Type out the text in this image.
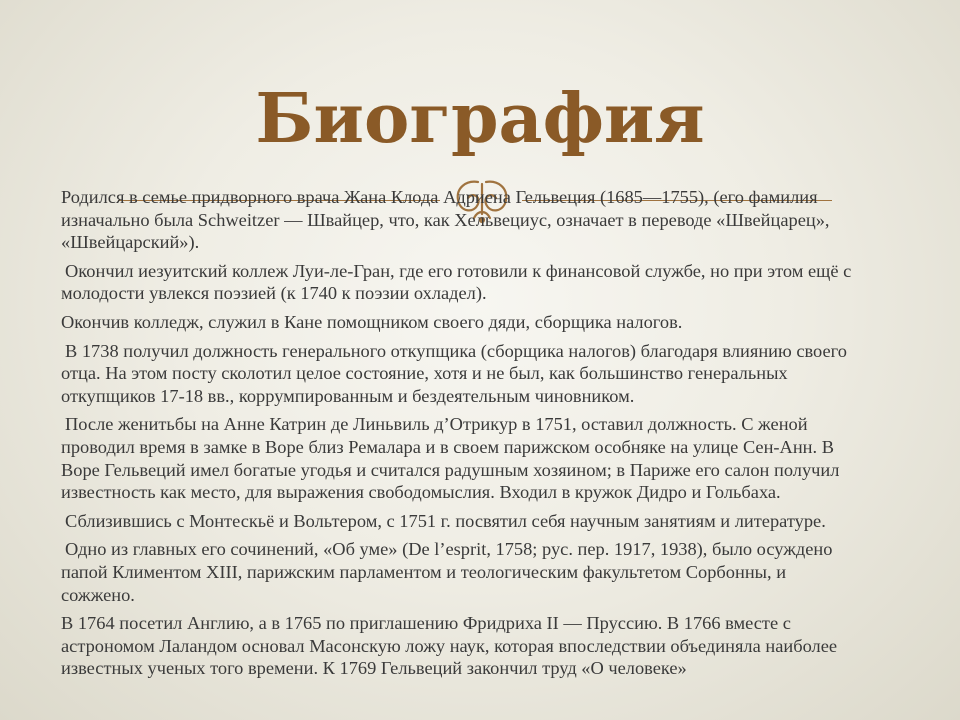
Биография

Родился в семье придворного врача Жана Клода Адриена Гельвеция (1685—1755), (его фамилия изначально была Schweitzer — Швайцер, что, как Хельвециус, означает в переводе «Швейцарец», «Швейцарский»).

Окончил иезуитский коллеж Луи-ле-Гран, где его готовили к финансовой службе, но при этом ещё с молодости увлекся поэзией (к 1740 к поэзии охладел).

Окончив колледж, служил в Кане помощником своего дяди, сборщика налогов.

В 1738 получил должность генерального откупщика (сборщика налогов) благодаря влиянию своего отца. На этом посту сколотил целое состояние, хотя и не был, как большинство генеральных откупщиков 17-18 вв., коррумпированным и бездеятельным чиновником.

После женитьбы на Анне Катрин де Линьвиль д’Отрикур в 1751, оставил должность. С женой проводил время в замке в Воре близ Ремалара и в своем парижском особняке на улице Сен-Анн. В Воре Гельвеций имел богатые угодья и считался радушным хозяином; в Париже его салон получил известность как место, для выражения свободомыслия. Входил в кружок Дидро и Гольбаха.

Сблизившись с Монтескьё и Вольтером, с 1751 г. посвятил себя научным занятиям и литературе.

Одно из главных его сочинений, «Об уме» (De l’esprit, 1758; рус. пер. 1917, 1938), было осуждено папой Климентом XIII, парижским парламентом и теологическим факультетом Сорбонны, и сожжено.

В 1764 посетил Англию, а в 1765 по приглашению Фридриха II — Пруссию. В 1766 вместе с астрономом Лаландом основал Масонскую ложу наук, которая впоследствии объединяла наиболее известных ученых того времени. К 1769 Гельвеций закончил труд «О человеке»
